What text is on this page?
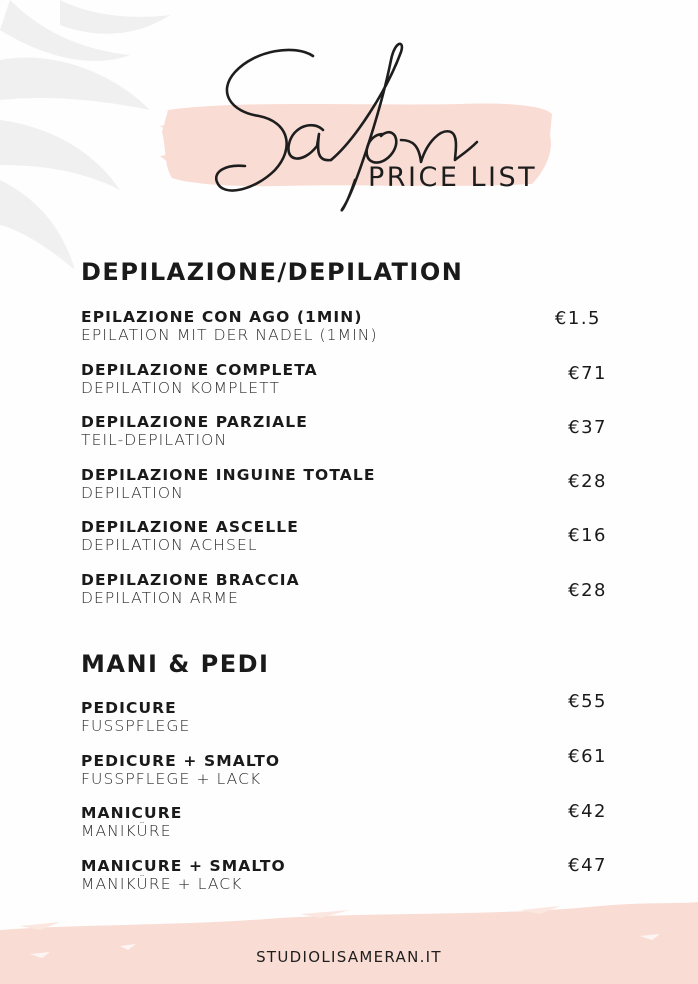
PRICE LIST
DEPILAZIONE/DEPILATION
EPILAZIONE CON AGO (1MIN)
EPILATION MIT DER NADEL (1MIN)
€1.5
DEPILAZIONE COMPLETA
DEPILATION KOMPLETT
€71
DEPILAZIONE PARZIALE
TEIL-DEPILATION
€37
DEPILAZIONE INGUINE TOTALE
DEPILATION
€28
DEPILAZIONE ASCELLE
DEPILATION ACHSEL	€16
DEPILAZIONE BRACCIA
DEPILATION ARME	€28
MANI & PEDI
PEDICURE
FUSSPFLEGE
€55
PEDICURE + SMALTO
FUSSPFLEGE + LACK
€61
MANICURE
MANIKÜRE
€42
MANICURE + SMALTO
MANIKÜRE + LACK
€47
STUDIOLISAMERAN.IT
